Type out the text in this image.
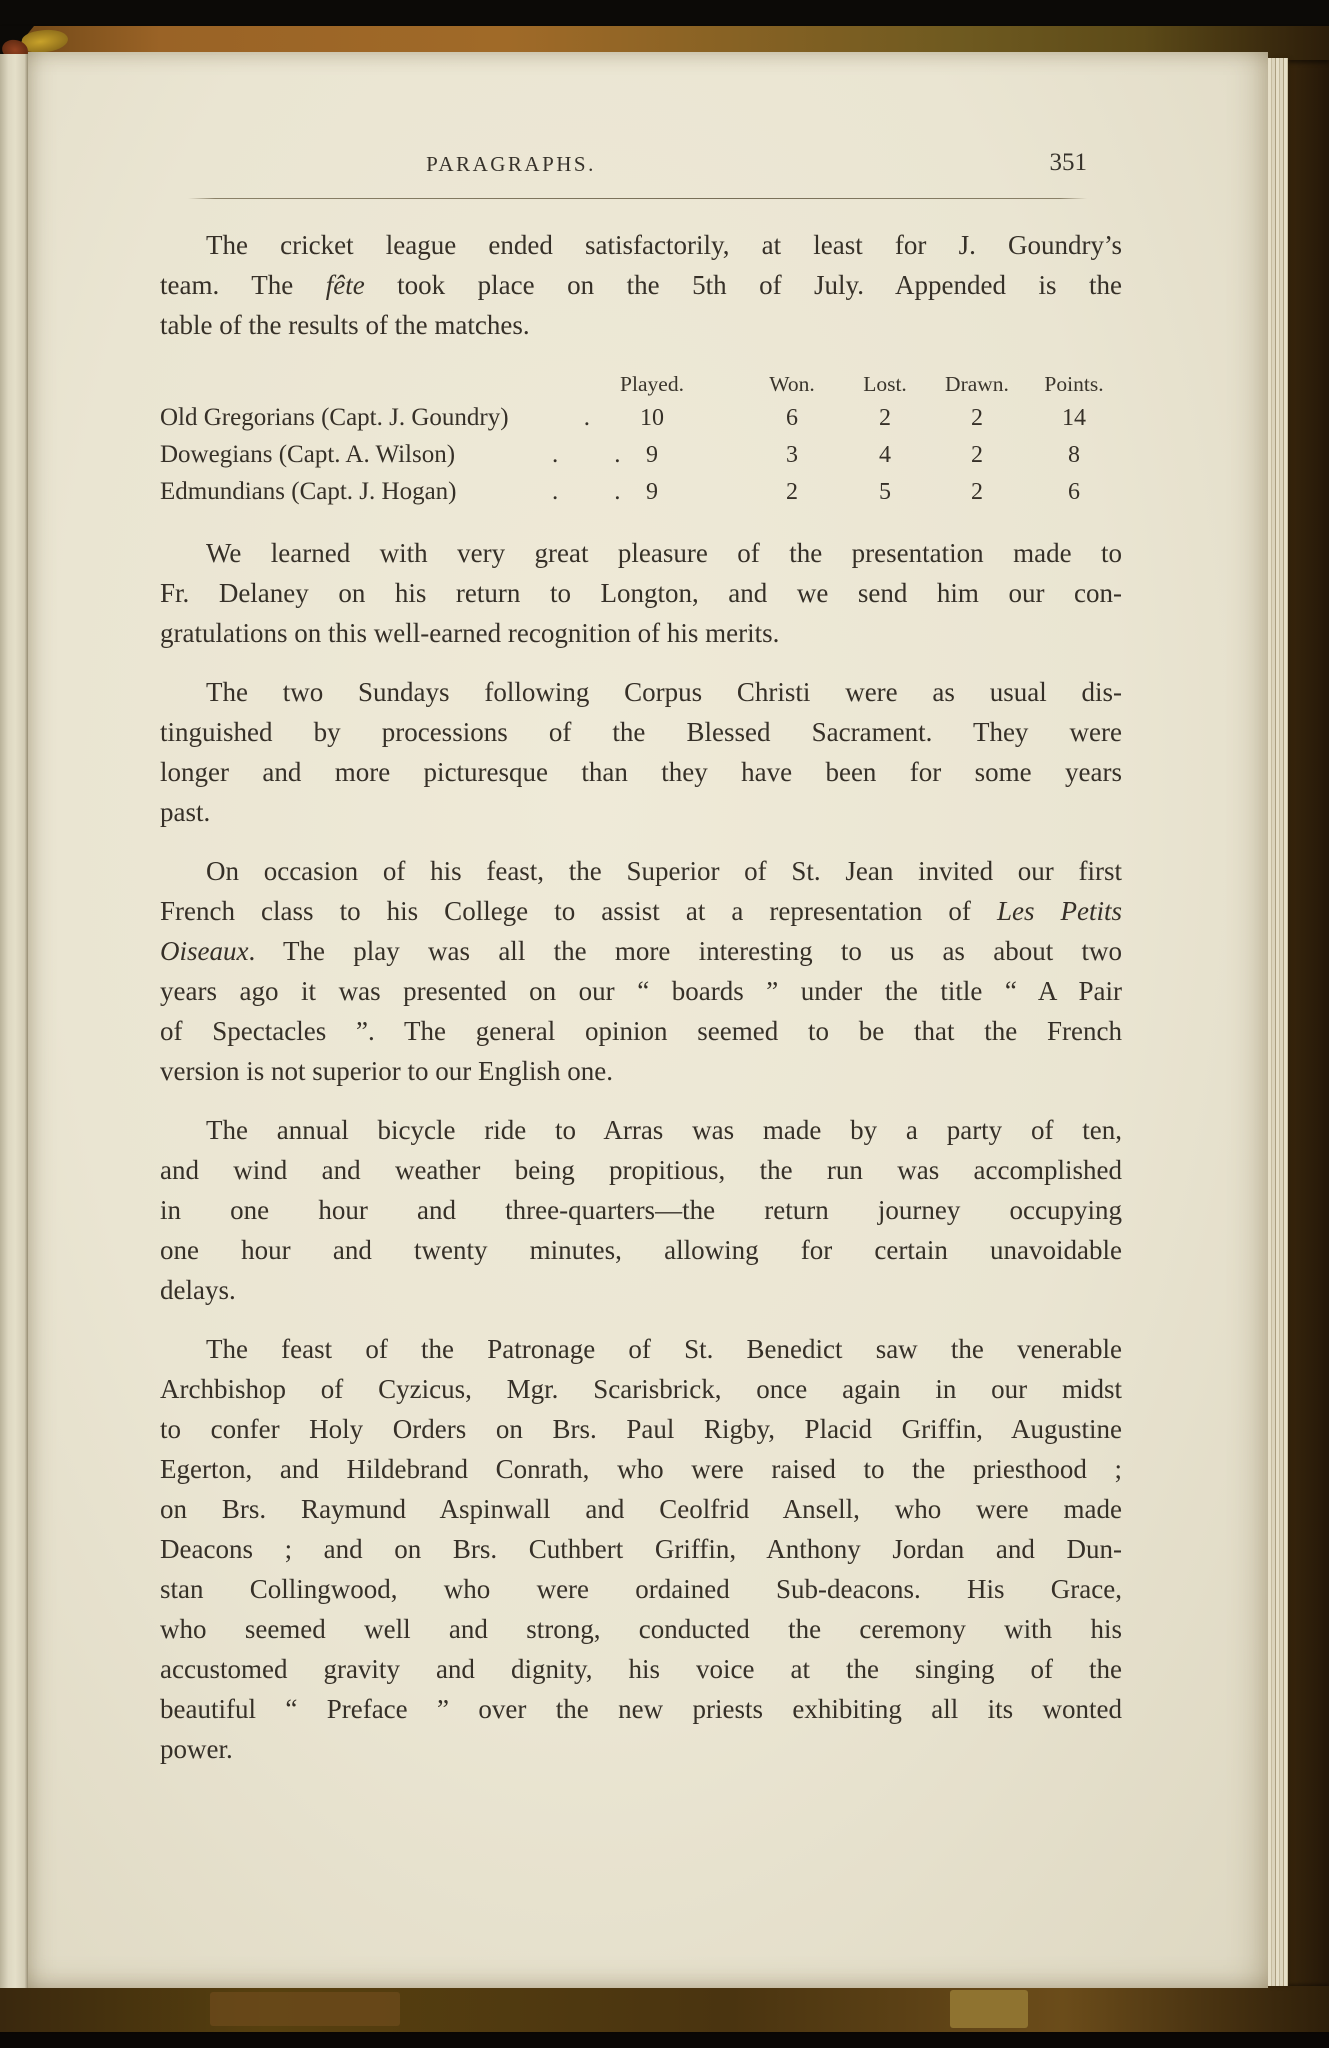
PARAGRAPHS.	351
The cricket league ended satisfactorily, at least for J. Goundry’s
team. The fête took place on the 5th of July. Appended is the
table of the results of the matches.
Played.	Won.	Lost.	Drawn.	Points.
Old Gregorians (Capt. J. Goundry)	.	10	6	2	2	14
Dowegians (Capt. A. Wilson)	.  . 9	3	4	2	8
Edmundians (Capt. J. Hogan)	.  . 9	2	5	2	6
We learned with very great pleasure of the presentation made to
Fr. Delaney on his return to Longton, and we send him our con-
gratulations on this well-earned recognition of his merits.
The two Sundays following Corpus Christi were as usual dis-
tinguished by processions of the Blessed Sacrament. They were
longer and more picturesque than they have been for some years
past.
On occasion of his feast, the Superior of St. Jean invited our first
French class to his College to assist at a representation of Les Petits
Oiseaux. The play was all the more interesting to us as about two
years ago it was presented on our “ boards ” under the title “ A Pair
of Spectacles ”. The general opinion seemed to be that the French
version is not superior to our English one.
The annual bicycle ride to Arras was made by a party of ten,
and wind and weather being propitious, the run was accomplished
in one hour and three-quarters—the return journey occupying
one hour and twenty minutes, allowing for certain unavoidable
delays.
The feast of the Patronage of St. Benedict saw the venerable
Archbishop of Cyzicus, Mgr. Scarisbrick, once again in our midst
to confer Holy Orders on Brs. Paul Rigby, Placid Griffin, Augustine
Egerton, and Hildebrand Conrath, who were raised to the priesthood ;
on Brs. Raymund Aspinwall and Ceolfrid Ansell, who were made
Deacons ; and on Brs. Cuthbert Griffin, Anthony Jordan and Dun-
stan Collingwood, who were ordained Sub-deacons. His Grace,
who seemed well and strong, conducted the ceremony with his
accustomed gravity and dignity, his voice at the singing of the
beautiful “ Preface ” over the new priests exhibiting all its wonted
power.
